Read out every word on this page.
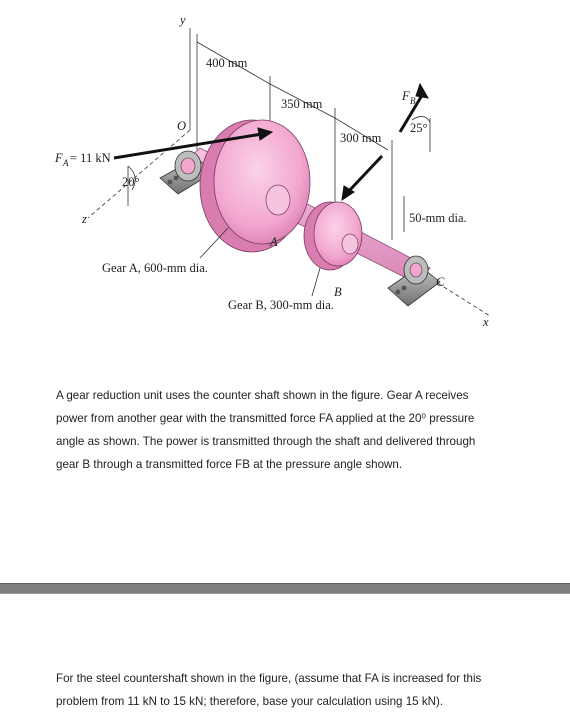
y
z
x
O
400 mm
350 mm
300 mm
50-mm dia.
F A = 11 kN
20°
F B
25°
A
B
C
Gear A, 600-mm dia.
Gear B, 300-mm dia.

A gear reduction unit uses the counter shaft shown in the figure. Gear A receives power from another gear with the transmitted force FA applied at the 20⁰ pressure angle as shown. The power is transmitted through the shaft and delivered through gear B through a transmitted force FB at the pressure angle shown.

For the steel countershaft shown in the figure, (assume that FA is increased for this problem from 11 kN to 15 kN; therefore, base your calculation using 15 kN).
